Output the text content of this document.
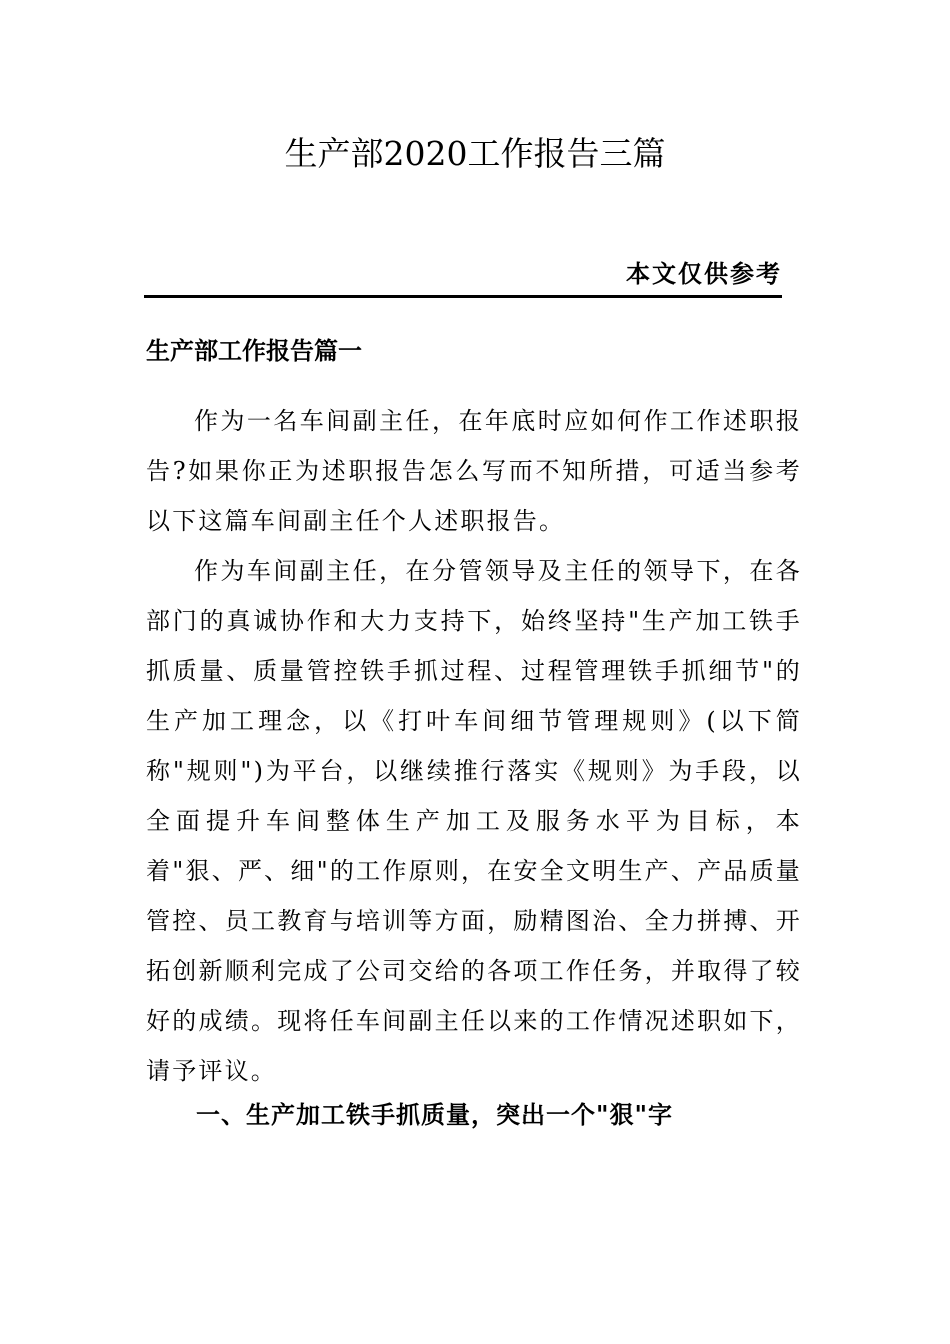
生产部2020工作报告三篇
本文仅供参考
生产部工作报告篇一

作为一名车间副主任，在年底时应如何作工作述职报告?如果你正为述职报告怎么写而不知所措，可适当参考以下这篇车间副主任个人述职报告。

作为车间副主任，在分管领导及主任的领导下，在各部门的真诚协作和大力支持下，始终坚持"生产加工铁手抓质量、质量管控铁手抓过程、过程管理铁手抓细节"的生产加工理念，以《打叶车间细节管理规则》(以下简称"规则")为平台，以继续推行落实《规则》为手段，以全面提升车间整体生产加工及服务水平为目标，本着"狠、严、细"的工作原则，在安全文明生产、产品质量管控、员工教育与培训等方面，励精图治、全力拼搏、开拓创新顺利完成了公司交给的各项工作任务，并取得了较好的成绩。现将任车间副主任以来的工作情况述职如下，请予评议。

一、生产加工铁手抓质量，突出一个"狠"字
